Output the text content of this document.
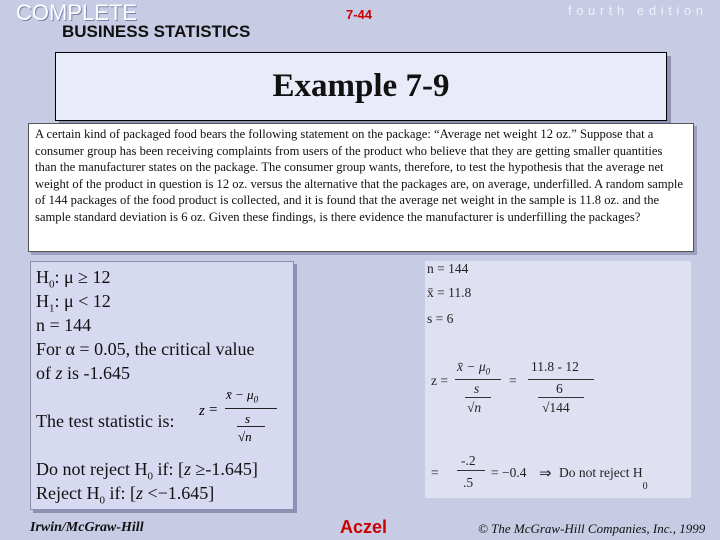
COMPLETE
BUSINESS STATISTICS
7-44	fourth edition
Example 7-9
A certain kind of packaged food bears the following statement on the package: “Average net weight 12 oz.” Suppose that a consumer group has been receiving complaints from users of the product who believe that they are getting smaller quantities than the manufacturer states on the package. The consumer group wants, therefore, to test the hypothesis that the average net weight of the product in question is 12 oz. versus the alternative that the packages are, on average, underfilled. A random sample of 144 packages of the food product is collected, and it is found that the average net weight in the sample is 11.8 oz. and the sample standard deviation is 6 oz. Given these findings, is there evidence the manufacturer is underfilling the packages?
$H_0$: μ ≥ 12
$H_1$: μ < 12
n = 144
For α = 0.05, the critical value
of z is -1.645
The test statistic is: z =
x̄ − $\mu_0$
s
√n
Do not reject $H_0$ if: [z ≥-1.645]
Reject $H_0$ if: [z <−1.645]
n = 144
x̄ = 11.8
s = 6
z =
x̄ − $\mu_0$
s
√n
=
11.8 - 12
6
√144
=
-.2
.5
= −0.4 ⇒ Do not reject $H_0$
Irwin/McGraw-Hill	Aczel	© The McGraw-Hill Companies, Inc., 1999
